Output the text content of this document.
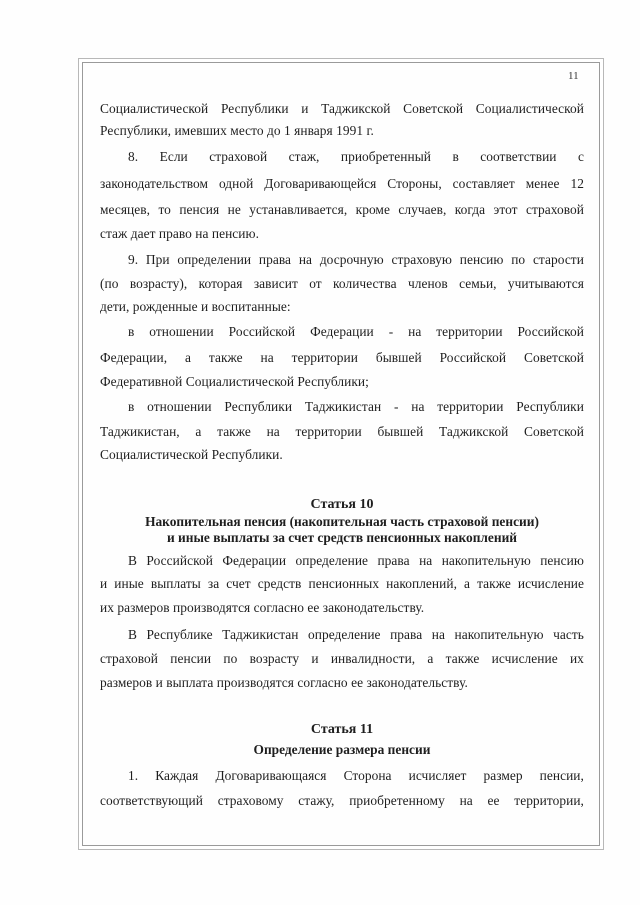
11
Социалистической Республики и Таджикской Советской Социалистической
Республики, имевших место до 1 января 1991 г.
8. Если страховой стаж, приобретенный в соответствии с
законодательством одной Договаривающейся Стороны, составляет менее 12
месяцев, то пенсия не устанавливается, кроме случаев, когда этот страховой
стаж дает право на пенсию.
9. При определении права на досрочную страховую пенсию по старости
(по возрасту), которая зависит от количества членов семьи, учитываются
дети, рожденные и воспитанные:
в отношении Российской Федерации - на территории Российской
Федерации, а также на территории бывшей Российской Советской
Федеративной Социалистической Республики;
в отношении Республики Таджикистан - на территории Республики
Таджикистан, а также на территории бывшей Таджикской Советской
Социалистической Республики.
Статья 10
Накопительная пенсия (накопительная часть страховой пенсии)
и иные выплаты за счет средств пенсионных накоплений
В Российской Федерации определение права на накопительную пенсию
и иные выплаты за счет средств пенсионных накоплений, а также исчисление
их размеров производятся согласно ее законодательству.
В Республике Таджикистан определение права на накопительную часть
страховой пенсии по возрасту и инвалидности, а также исчисление их
размеров и выплата производятся согласно ее законодательству.
Статья 11
Определение размера пенсии
1. Каждая Договаривающаяся Сторона исчисляет размер пенсии,
соответствующий страховому стажу, приобретенному на ее территории,
